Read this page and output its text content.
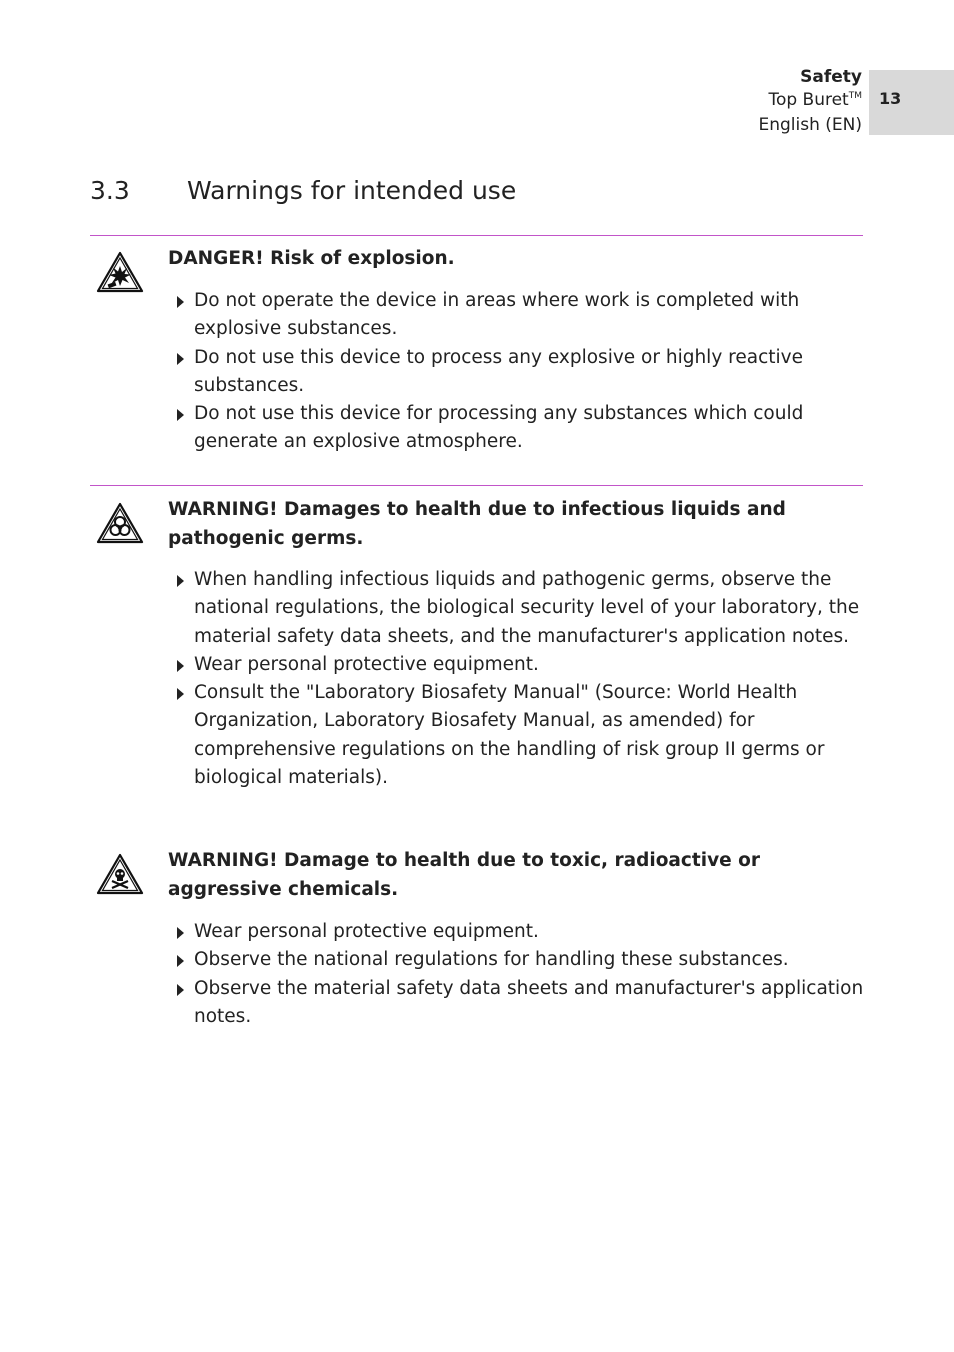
Safety
Top Buret™
English (EN)
13
3.3 Warnings for intended use
DANGER! Risk of explosion.
Do not operate the device in areas where work is completed with explosive substances.
Do not use this device to process any explosive or highly reactive substances.
Do not use this device for processing any substances which could generate an explosive atmosphere.
WARNING! Damages to health due to infectious liquids and pathogenic germs.
When handling infectious liquids and pathogenic germs, observe the national regulations, the biological security level of your laboratory, the material safety data sheets, and the manufacturer's application notes.
Wear personal protective equipment.
Consult the "Laboratory Biosafety Manual" (Source: World Health Organization, Laboratory Biosafety Manual, as amended) for comprehensive regulations on the handling of risk group II germs or biological materials).
WARNING! Damage to health due to toxic, radioactive or aggressive chemicals.
Wear personal protective equipment.
Observe the national regulations for handling these substances.
Observe the material safety data sheets and manufacturer's application notes.
